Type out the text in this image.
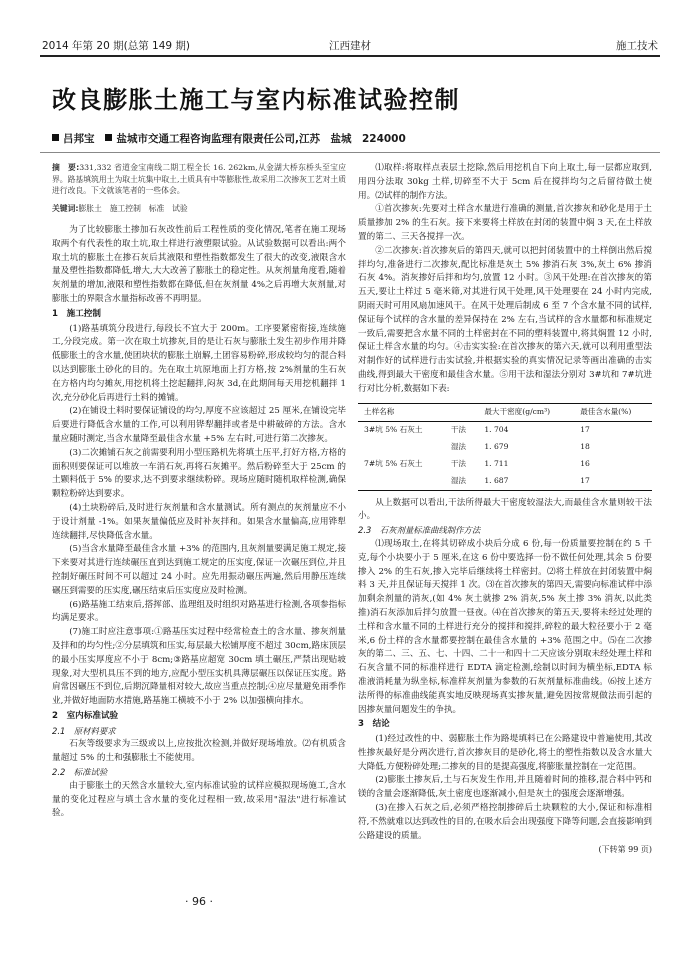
2014 年第 20 期(总第 149 期)	江西建材	施工技术
改良膨胀土施工与室内标准试验控制
吕邦宝 盐城市交通工程咨询监理有限责任公司,江苏　盐城　224000

摘　要:331,332 省道金宝南线二期工程全长 16. 262km,从金湖大桥东桥头至宝应界。路基填筑用土为取土坑集中取土,土质具有中等膨胀性,故采用二次掺灰工艺对土质进行改良。下文就该笔者的一些体会。

关键词:膨胀土　施工控制　标准　试验

为了比较膨胀土掺加石灰改性前后工程性质的变化情况,笔者在施工现场取两个有代表性的取土坑,取土样进行液塑限试验。从试验数据可以看出:两个取土坑的膨胀土在掺石灰后其液限和塑性指数都发生了很大的改变,液限含水量及塑性指数都降低,增大,大大改善了膨胀土的稳定性。从灰剂量角度看,随着灰剂量的增加,液限和塑性指数都在降低,但在灰剂量 4%之后再增大灰剂量,对膨胀土的界限含水量指标改善不再明显。

1　施工控制

(1)路基填筑分段进行,每段长不宜大于 200m。工序要紧密衔接,连续施工,分段完成。第一次在取土坑掺灰,目的是让石灰与膨胀土发生初步作用并降低膨胀土的含水量,使团块状的膨胀土崩解,土团容易粉碎,形成较均匀的混合料以达到膨胀土砂化的目的。先在取土坑原地面上打方格,按 2%剂量的生石灰在方格内均匀摊灰,用挖机将土挖起翻拌,闷灰 3d,在此期间每天用挖机翻拌 1 次,充分砂化后再进行土料的摊铺。

(2)在铺设土料时要保证铺设的均匀,厚度不应该超过 25 厘米,在铺设完毕后要进行降低含水量的工作,可以利用铧犁翻拌或者是中耕破碎的方法。含水量应随时测定,当含水量降至最佳含水量 +5% 左右时,可进行第二次掺灰。

(3)二次摊铺石灰之前需要利用小型压路机先将填土压平,打好方格,方格的面积则要保证可以堆放一车消石灰,再将石灰摊平。然后粉碎至大于 25cm 的土颗料低于 5% 的要求,达不到要求继续粉碎。现场应随时随机取样检测,确保颗粒粉碎达到要求。

(4)土块粉碎后,及时进行灰剂量和含水量测试。所有测点的灰剂量应不小于设计剂量 -1%。如果灰量偏低应及时补灰拌和。如果含水量偏高,应用铧犁连续翻拌,尽快降低含水量。

(5)当含水量降至最佳含水量 +3% 的范围内,且灰剂量要满足施工规定,接下来要对其进行连续碾压直到达到施工规定的压实度,保证一次碾压到位,并且控制好碾压时间不可以超过 24 小时。应先用振动碾压两遍,然后用静压连续碾压到需要的压实度,碾压结束后压实度应及时检测。

(6)路基施工结束后,搭挥部、监理组及时组织对路基进行检测,各项参指标均满足要求。

(7)施工时应注意事项:①路基压实过程中经常检查土的含水量、掺灰剂量及拌和的均匀性;②分层填筑和压实,每层最大松铺厚度不超过 30cm,路床顶层的最小压实厚度应不小于 8cm;③路基应超宽 30cm 填土碾压,严禁出现贴坡现象,对大型机具压不到的地方,应配小型压实机具薄层碾压以保证压实度。路肩常因碾压不到位,后期沉降量相对较大,故应当重点控制;④应尽量避免雨季作业,并做好地面防水措施,路基施工横坡不小于 2% 以加强横向排水。

2　室内标准试验

2.1　原材料要求

石灰等级要求为三级或以上,应按批次检测,并做好现场堆放。⑵有机质含量超过 5% 的土和强膨胀土不能使用。

2.2　标准试验

由于膨胀土的天然含水量较大,室内标准试验的试样应模拟现场施工,含水量的变化过程应与填土含水量的变化过程相一致,故采用"湿法"进行标准试验。

⑴取样:将取样点表层土挖除,然后用挖机自下向上取土,每一层都应取到,用四分法取 30kg 土样,切碎至不大于 5cm 后在搅拌均匀之后留待做土使用。⑵试样的制作方法。

①首次掺灰:先要对土样含水量进行准确的测量,首次掺灰和砂化是用于土质量掺加 2% 的生石灰。接下来要将土样放在封闭的装置中焖 3 天,在土样放置的第二、三天各搅拌一次。

②二次掺灰:首次掺灰后的第四天,就可以把封闭装置中的土样倒出然后搅拌均匀,准备进行二次掺灰,配比标准是灰土 5% 掺消石灰 3%,灰土 6% 掺消石灰 4%。消灰掺好后拌和均匀,放置 12 小时。③风干处理:在首次掺灰的第五天,要让土样过 5 毫米筛,对其进行风干处理,风干处理要在 24 小时内完成,阴雨天时可用风扇加速风干。在风干处理后制成 6 至 7 个含水量不同的试样,保证每个试样的含水量的差异保持在 2% 左右,当试样的含水量都和标准规定一致后,需要把含水量不同的土样密封在不同的塑料装置中,将其焖置 12 小时,保证土样含水量的均匀。④击实实验:在首次掺灰的第六天,就可以利用重型法对制作好的试样进行击实试验,并根据实验的真实情况记录等画出准确的击实曲线,得到最大干密度和最佳含水量。⑤用干法和湿法分别对 3#坑和 7#坑进行对比分析,数据如下表:

土样名称		最大干密度(g/cm³)	最佳含水量(%)
3#坑 5% 石灰土	干法	1. 704	17
	湿法	1. 679	18
7#坑 5% 石灰土	干法	1. 711	16
	湿法	1. 687	17

从上数据可以看出,干法所得最大干密度较湿法大,而最佳含水量则较干法小。

2.3　石灰剂量标准曲线制作方法

⑴现场取土,在将其切碎成小块后分成 6 份,每一份质量要控制在约 5 千克,每个小块要小于 5 厘米,在这 6 份中要选择一份不做任何处理,其余 5 份要掺入 2% 的生石灰,掺入完毕后继续将土样密封。⑵将土样放在封闭装置中焖料 3 天,并且保证每天搅拌 1 次。⑶在首次掺灰的第四天,需要向标准试样中添加剩余剂量的消灰,(如 4% 灰土就掺 2% 消灰,5% 灰土掺 3% 消灰,以此类推)消石灰添加后拌匀放置一昼夜。⑷在首次掺灰的第五天,要将未经过处理的土样和含水量不同的土样进行充分的搅拌和搅拌,碎粒的最大粒径要小于 2 毫米,6 份土样的含水量都要控制在最佳含水量的 +3% 范围之中。⑸在二次掺灰的第二、三、五、七、十四、二十一和四十二天应该分别取未经处理土样和石灰含量不同的标准样进行 EDTA 滴定检测,绘制以时间为横坐标,EDTA 标准液消耗量为纵坐标,标准样灰剂量为参数的石灰剂量标准曲线。⑹按上述方法所得的标准曲线能真实地反映现场真实掺灰量,避免因按常规做法而引起的因掺灰量问题发生的争执。

3　结论

(1)经过改性的中、弱膨胀土作为路堤填料已在公路建设中普遍使用,其改性掺灰最好是分两次进行,首次掺灰目的是砂化,将土的塑性指数以及含水量大大降低,方便粉碎处理;二掺灰的目的是提高强度,将膨胀量控制在一定范围。

(2)膨胀土掺灰后,土与石灰发生作用,并且随着时间的推移,混合料中钙和镁的含量会逐渐降低,灰土密度也逐渐减小,但是灰土的强度会逐渐增强。

(3)在掺入石灰之后,必须严格控制掺碎后土块颗粒的大小,保证和标准相符,不然就难以达到改性的目的,在吸水后会出现强度下降等问题,会直接影响到公路建设的质量。

(下转第 99 页)
· 96 ·
